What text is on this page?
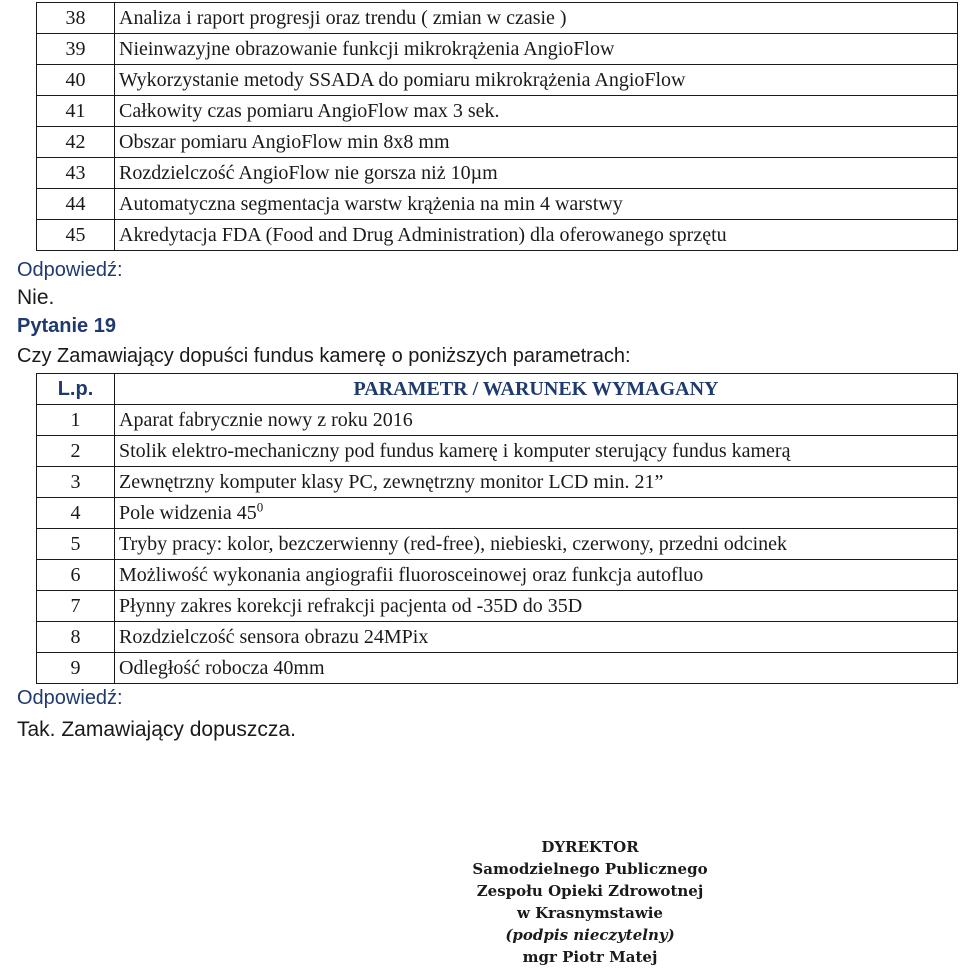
38	Analiza i raport progresji oraz trendu ( zmian w czasie )
39	Nieinwazyjne obrazowanie funkcji mikrokrążenia AngioFlow
40	Wykorzystanie metody SSADA do pomiaru mikrokrążenia AngioFlow
41	Całkowity czas pomiaru AngioFlow max 3 sek.
42	Obszar pomiaru AngioFlow min 8x8 mm
43	Rozdzielczość AngioFlow nie gorsza niż 10µm
44	Automatyczna segmentacja warstw krążenia na min 4 warstwy
45	Akredytacja FDA (Food and Drug Administration) dla oferowanego sprzętu
Odpowiedź:
Nie.
Pytanie 19
Czy Zamawiający dopuści fundus kamerę o poniższych parametrach:
L.p.	PARAMETR / WARUNEK WYMAGANY
1	Aparat fabrycznie nowy z roku 2016
2	Stolik elektro-mechaniczny pod fundus kamerę i komputer sterujący fundus kamerą
3	Zewnętrzny komputer klasy PC, zewnętrzny monitor LCD min. 21”
4	Pole widzenia $45^0$
5	Tryby pracy: kolor, bezczerwienny (red-free), niebieski, czerwony, przedni odcinek
6	Możliwość wykonania angiografii fluorosceinowej oraz funkcja autofluo
7	Płynny zakres korekcji refrakcji pacjenta od -35D do 35D
8	Rozdzielczość sensora obrazu 24MPix
9	Odległość robocza 40mm
Odpowiedź:
Tak. Zamawiający dopuszcza.
DYREKTOR
Samodzielnego Publicznego
Zespołu Opieki Zdrowotnej
w Krasnymstawie
(podpis nieczytelny)
mgr Piotr Matej
